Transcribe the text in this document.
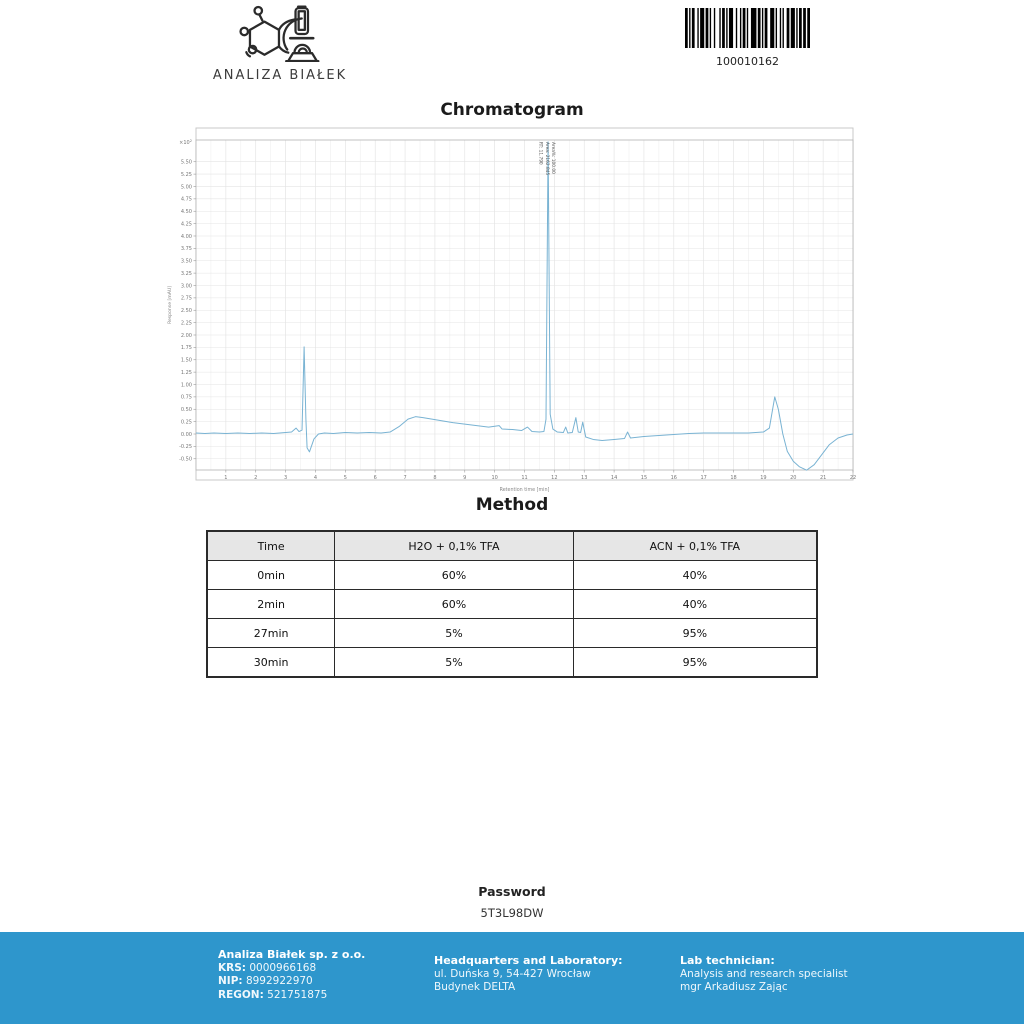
ANALIZA BIAŁEK
100010162
Chromatogram
-0.50
-0.25
0.00
0.25
0.50
0.75
1.00
1.25
1.50
1.75
2.00
2.25
2.50
2.75
3.00
3.25
3.50
3.75
4.00
4.25
4.50
4.75
5.00
5.25
5.50
$\times 10^2$
1	2	3	4	5	6	7	8	9	10	11	12	13	14	15	16	17	18	19	20	21	22
Response [mAU]
Retention time [min]
RT: 11.790 Area: 2162.845 Area%: 100.00
Method
Time	H2O + 0,1% TFA	ACN + 0,1% TFA
0min	60%	40%
2min	60%	40%
27min	5%	95%
30min	5%	95%
Password
5T3L98DW
Analiza Białek sp. z o.o.
KRS: 0000966168
NIP: 8992922970
REGON: 521751875
Headquarters and Laboratory:
ul. Duńska 9, 54-427 Wrocław
Budynek DELTA
Lab technician:
Analysis and research specialist
mgr Arkadiusz Zając
